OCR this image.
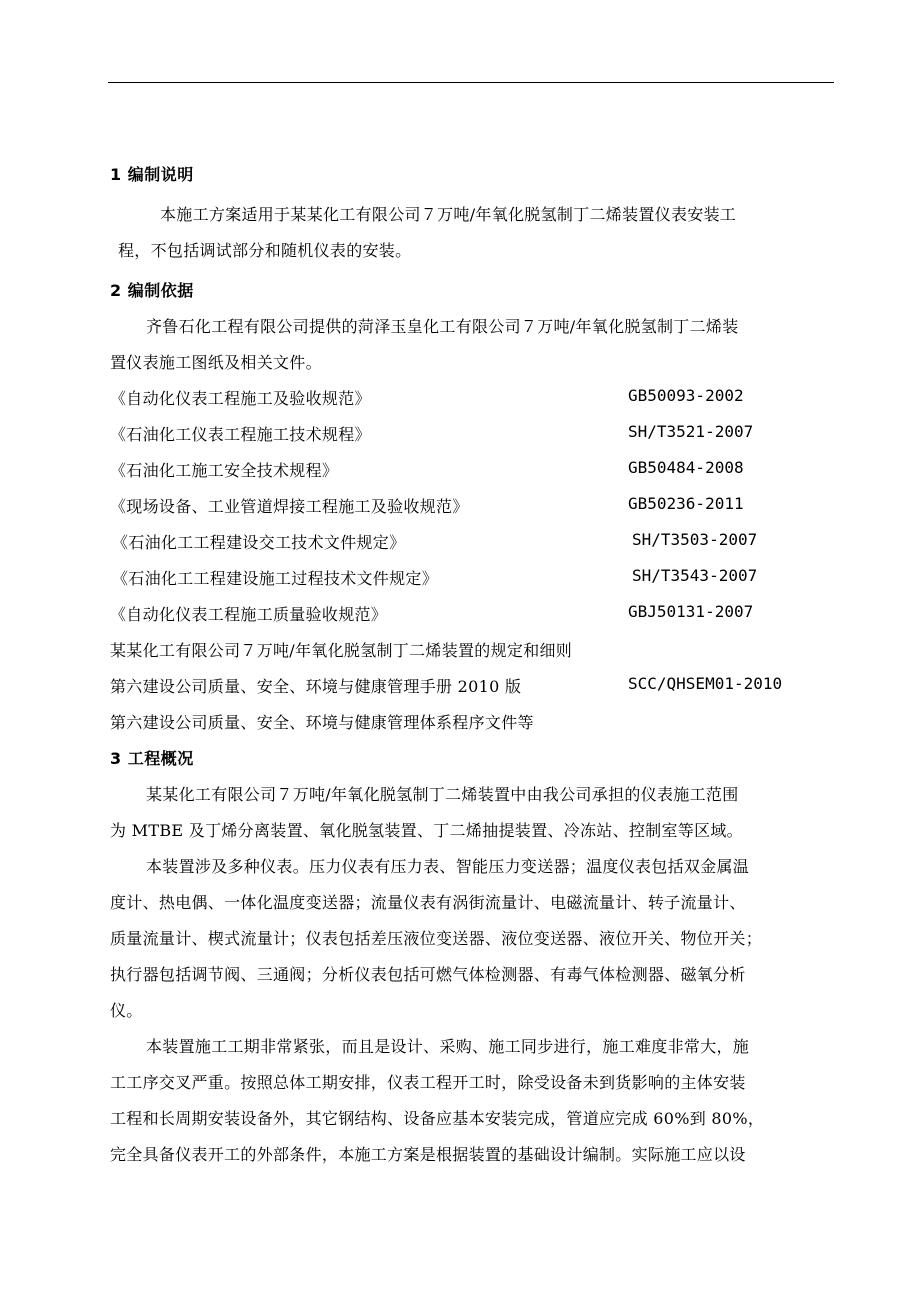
1 编制说明
本施工方案适用于某某化工有限公司７万吨/年氧化脱氢制丁二烯装置仪表安装工
程，不包括调试部分和随机仪表的安装。
2 编制依据
齐鲁石化工程有限公司提供的菏泽玉皇化工有限公司７万吨/年氧化脱氢制丁二烯装
置仪表施工图纸及相关文件。
《自动化仪表工程施工及验收规范》	GB50093-2002
《石油化工仪表工程施工技术规程》	SH/T3521-2007
《石油化工施工安全技术规程》	GB50484-2008
《现场设备、工业管道焊接工程施工及验收规范》	GB50236-2011
《石油化工工程建设交工技术文件规定》	SH/T3503-2007
《石油化工工程建设施工过程技术文件规定》	SH/T3543-2007
《自动化仪表工程施工质量验收规范》	GBJ50131-2007
某某化工有限公司７万吨/年氧化脱氢制丁二烯装置的规定和细则
第六建设公司质量、安全、环境与健康管理手册 2010 版	SCC/QHSEM01-2010
第六建设公司质量、安全、环境与健康管理体系程序文件等
3 工程概况
某某化工有限公司７万吨/年氧化脱氢制丁二烯装置中由我公司承担的仪表施工范围
为 MTBE 及丁烯分离装置、氧化脱氢装置、丁二烯抽提装置、冷冻站、控制室等区域。
本装置涉及多种仪表。压力仪表有压力表、智能压力变送器；温度仪表包括双金属温
度计、热电偶、一体化温度变送器；流量仪表有涡街流量计、电磁流量计、转子流量计、
质量流量计、楔式流量计；仪表包括差压液位变送器、液位变送器、液位开关、物位开关；
执行器包括调节阀、三通阀；分析仪表包括可燃气体检测器、有毒气体检测器、磁氧分析
仪。
本装置施工工期非常紧张，而且是设计、采购、施工同步进行，施工难度非常大，施
工工序交叉严重。按照总体工期安排，仪表工程开工时，除受设备未到货影响的主体安装
工程和长周期安装设备外，其它钢结构、设备应基本安装完成，管道应完成 60%到 80%，
完全具备仪表开工的外部条件，本施工方案是根据装置的基础设计编制。实际施工应以设
